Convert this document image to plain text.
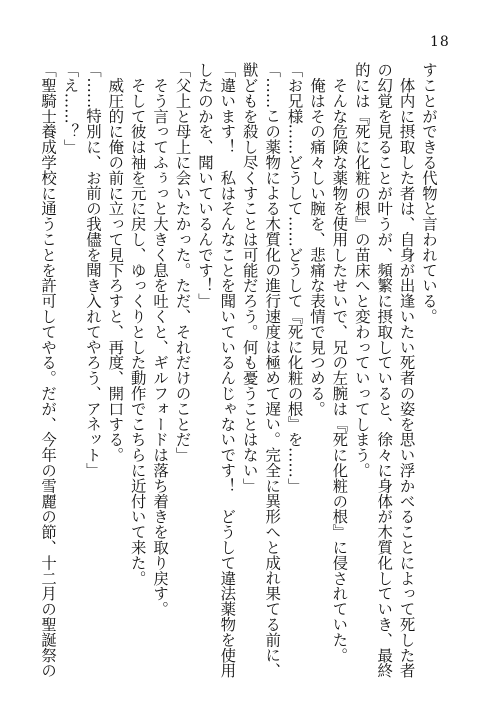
18
すことができる代物と言われている。
　体内に摂取した者は、自身が出逢いたい死者の姿を思い浮かべることによって死した者
の幻覚を見ることが叶うが、頻繁に摂取していると、徐々に身体が木質化していき、最終
的には『死に化粧の根』の苗床へと変わっていってしまう。
　そんな危険な薬物を使用したせいで、兄の左腕は『死に化粧の根』に侵されていた。
　俺はその痛々しい腕を、悲痛な表情で見つめる。
「お兄様……どうして……どうして『死に化粧の根』を……」
「……この薬物による木質化の進行速度は極めて遅い。完全に異形へと成れ果てる前に、
獣どもを殺し尽くすことは可能だろう。何も憂うことはない」
「違います！　私はそんなことを聞いているんじゃないです！　どうして違法薬物を使用
したのかを、聞いているんです！」
「父上と母上に会いたかった。ただ、それだけのことだ」
　そう言ってふぅっと大きく息を吐くと、ギルフォードは落ち着きを取り戻す。
　そして彼は袖を元に戻し、ゆっくりとした動作でこちらに近付いて来た。
　威圧的に俺の前に立って見下ろすと、再度、開口する。
「……特別に、お前の我儘を聞き入れてやろう、アネット」
「え……？」
「聖騎士養成学校に通うことを許可してやる。だが、今年の雪麗の節、十二月の聖誕祭の
